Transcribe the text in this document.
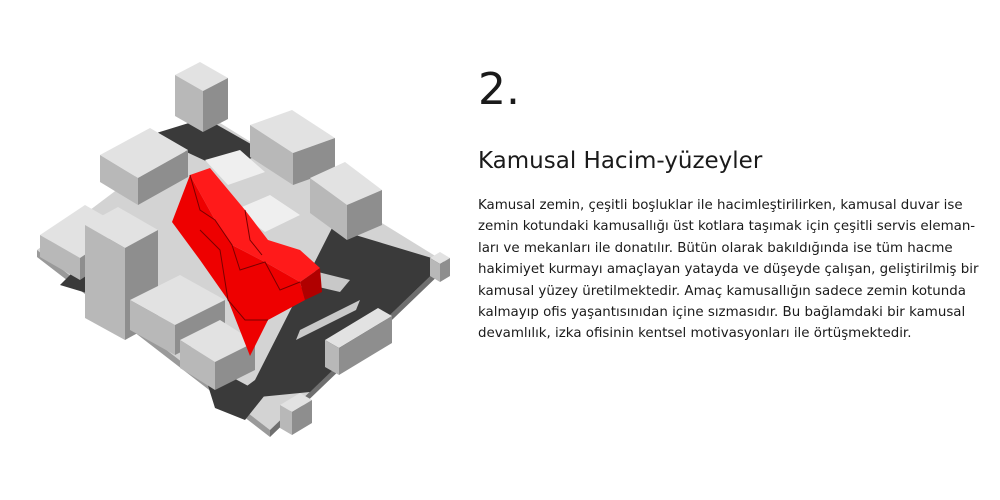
2.
Kamusal Hacim-yüzeyler
Kamusal zemin, çeşitli boşluklar ile hacimleştirilirken, kamusal duvar ise
zemin kotundaki kamusallığı üst kotlara taşımak için çeşitli servis eleman-
ları ve mekanları ile donatılır. Bütün olarak bakıldığında ise tüm hacme
hakimiyet kurmayı amaçlayan yatayda ve düşeyde çalışan, geliştirilmiş bir
kamusal yüzey üretilmektedir. Amaç kamusallığın sadece zemin kotunda
kalmayıp ofis yaşantısınıdan içine sızmasıdır. Bu bağlamdaki bir kamusal
devamlılık, izka ofisinin kentsel motivasyonları ile örtüşmektedir.
